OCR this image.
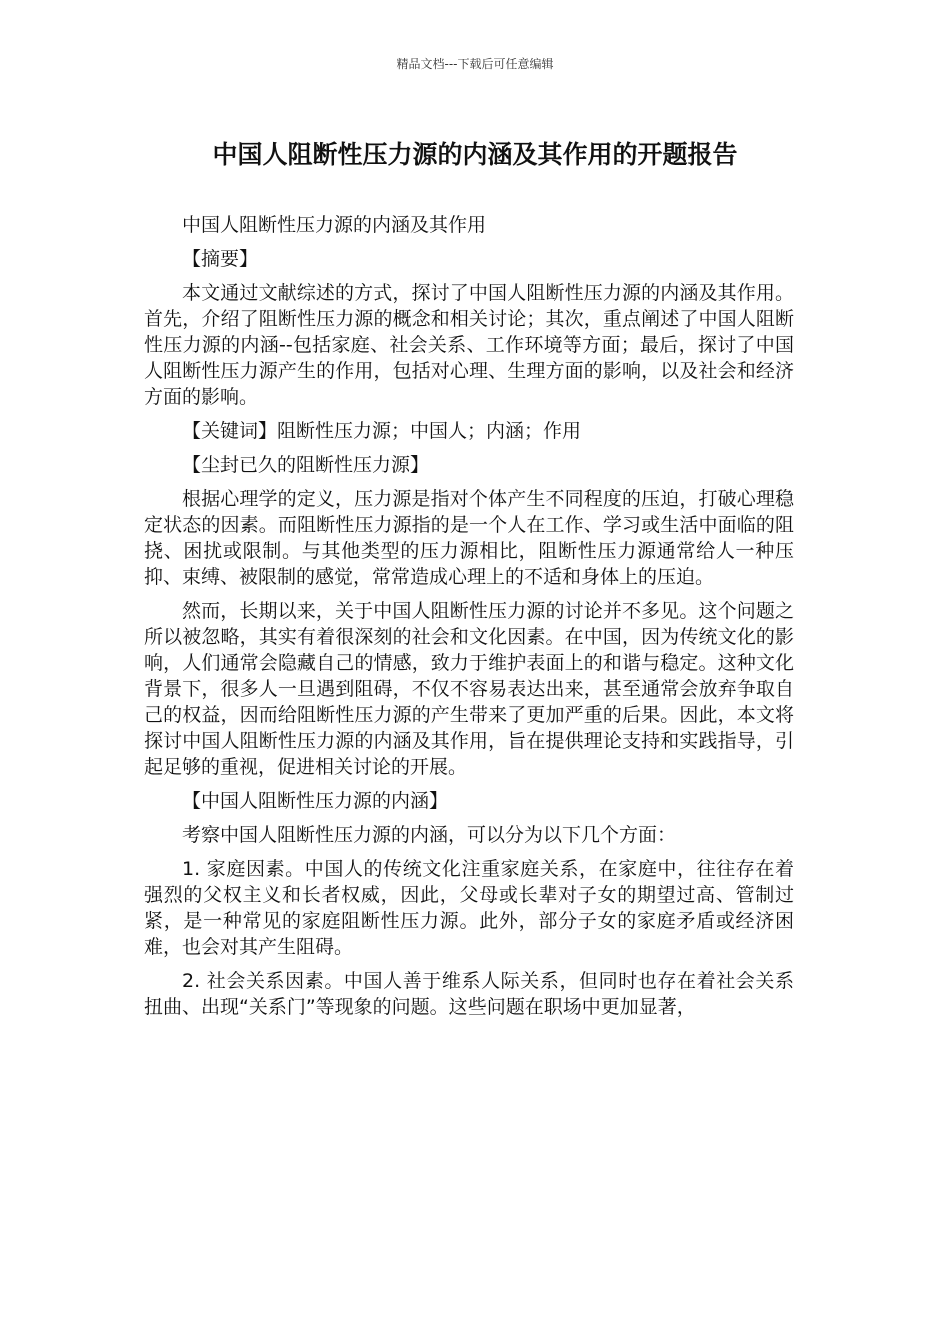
精品文档---下载后可任意编辑
中国人阻断性压力源的内涵及其作用的开题报告

中国人阻断性压力源的内涵及其作用

【摘要】

本文通过文献综述的方式，探讨了中国人阻断性压力源的内涵及其作用。首先，介绍了阻断性压力源的概念和相关讨论；其次，重点阐述了中国人阻断性压力源的内涵--包括家庭、社会关系、工作环境等方面；最后，探讨了中国人阻断性压力源产生的作用，包括对心理、生理方面的影响，以及社会和经济方面的影响。

【关键词】阻断性压力源；中国人；内涵；作用

【尘封已久的阻断性压力源】

根据心理学的定义，压力源是指对个体产生不同程度的压迫，打破心理稳定状态的因素。而阻断性压力源指的是一个人在工作、学习或生活中面临的阻挠、困扰或限制。与其他类型的压力源相比，阻断性压力源通常给人一种压抑、束缚、被限制的感觉，常常造成心理上的不适和身体上的压迫。

然而，长期以来，关于中国人阻断性压力源的讨论并不多见。这个问题之所以被忽略，其实有着很深刻的社会和文化因素。在中国，因为传统文化的影响，人们通常会隐藏自己的情感，致力于维护表面上的和谐与稳定。这种文化背景下，很多人一旦遇到阻碍，不仅不容易表达出来，甚至通常会放弃争取自己的权益，因而给阻断性压力源的产生带来了更加严重的后果。因此，本文将探讨中国人阻断性压力源的内涵及其作用，旨在提供理论支持和实践指导，引起足够的重视，促进相关讨论的开展。

【中国人阻断性压力源的内涵】

考察中国人阻断性压力源的内涵，可以分为以下几个方面：

1. 家庭因素。中国人的传统文化注重家庭关系，在家庭中，往往存在着强烈的父权主义和长者权威，因此，父母或长辈对子女的期望过高、管制过紧，是一种常见的家庭阻断性压力源。此外，部分子女的家庭矛盾或经济困难，也会对其产生阻碍。

2. 社会关系因素。中国人善于维系人际关系，但同时也存在着社会关系扭曲、出现“关系门”等现象的问题。这些问题在职场中更加显著，
